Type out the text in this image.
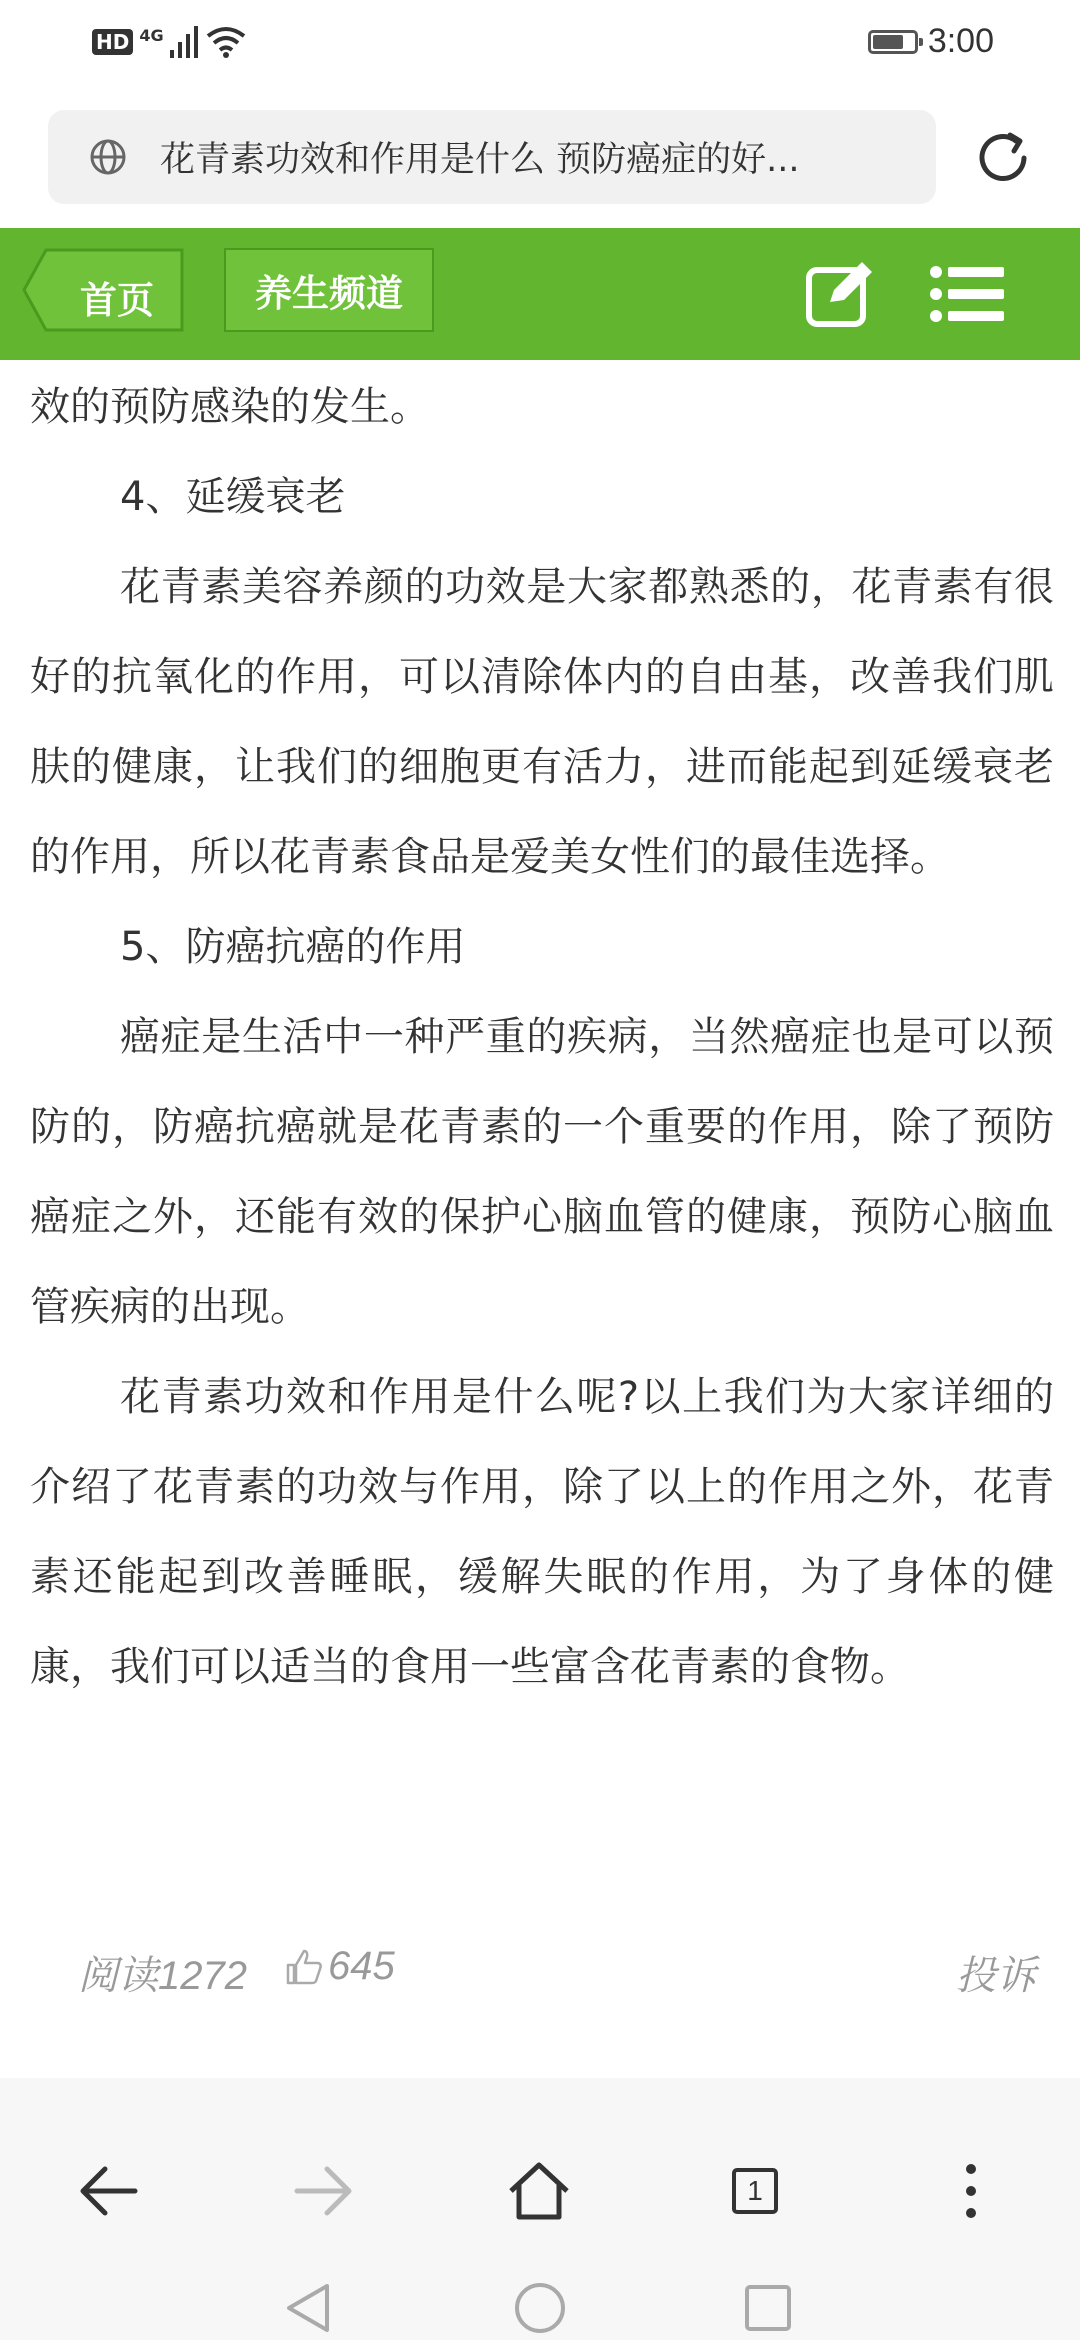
HD 4G	3:00
花青素功效和作用是什么 预防癌症的好...
首页	养生频道

效的预防感染的发生。

4、延缓衰老

花青素美容养颜的功效是大家都熟悉的，花青素有很好的抗氧化的作用，可以清除体内的自由基，改善我们肌肤的健康，让我们的细胞更有活力，进而能起到延缓衰老的作用，所以花青素食品是爱美女性们的最佳选择。

5、防癌抗癌的作用

癌症是生活中一种严重的疾病，当然癌症也是可以预防的，防癌抗癌就是花青素的一个重要的作用，除了预防癌症之外，还能有效的保护心脑血管的健康，预防心脑血管疾病的出现。

花青素功效和作用是什么呢?以上我们为大家详细的介绍了花青素的功效与作用，除了以上的作用之外，花青素还能起到改善睡眠，缓解失眠的作用，为了身体的健康，我们可以适当的食用一些富含花青素的食物。

阅读1272 645	投诉
1
